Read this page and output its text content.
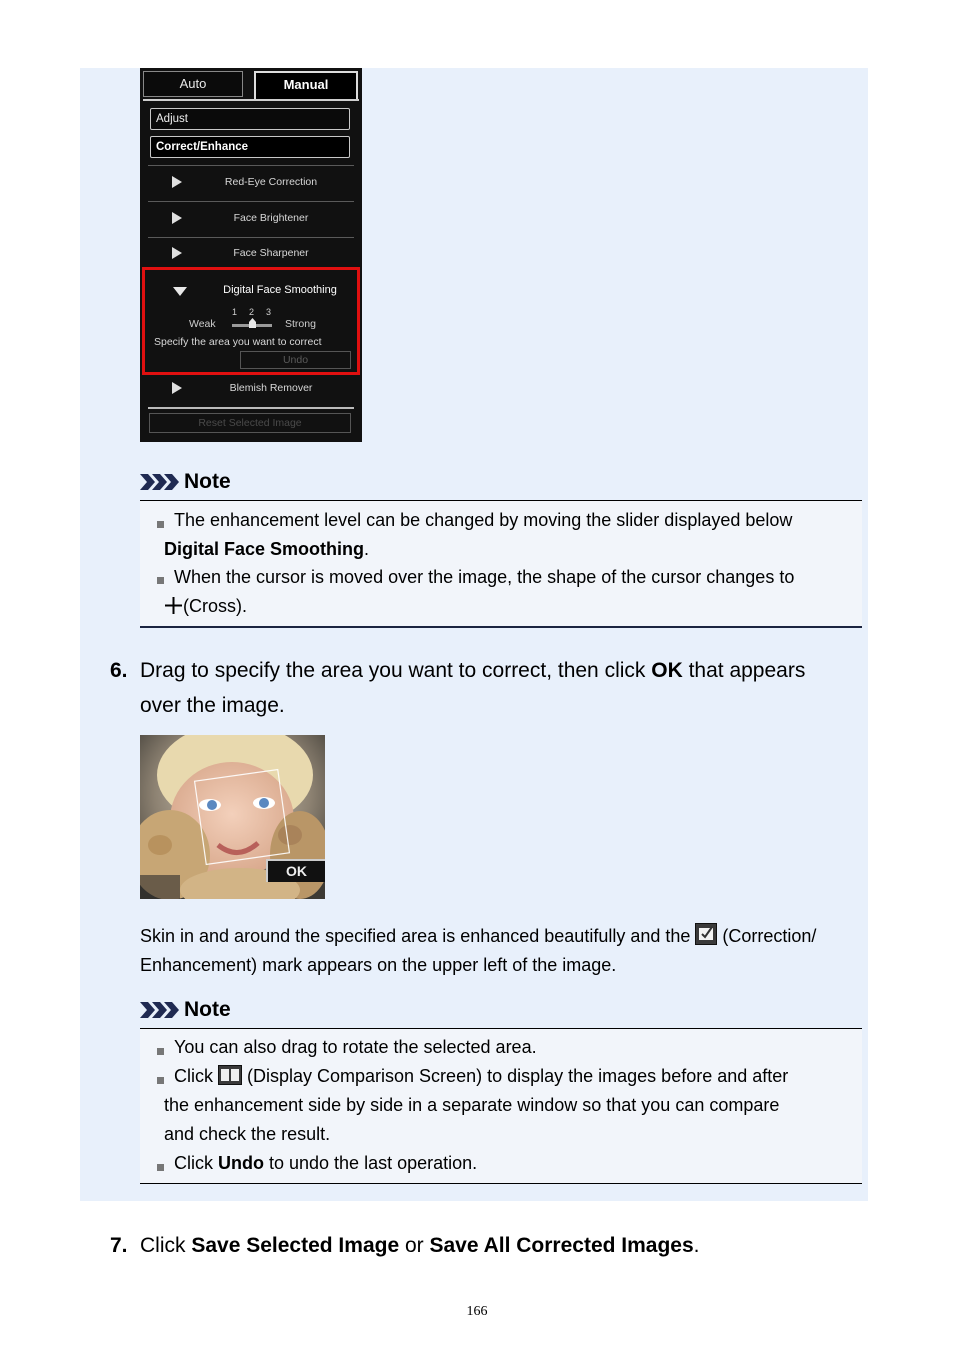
Auto	Manual
Adjust
Correct/Enhance
Red-Eye Correction
Face Brightener
Face Sharpener
Digital Face Smoothing
Weak
1 2 3
Strong
Specify the area you want to correct
Undo
Blemish Remover
Reset Selected Image
Note
The enhancement level can be changed by moving the slider displayed below
Digital Face Smoothing.
When the cursor is moved over the image, the shape of the cursor changes to
(Cross).
6. Drag to specify the area you want to correct, then click OK that appears
over the image.
OK
Skin in and around the specified area is enhanced beautifully and the  (Correction/
Enhancement) mark appears on the upper left of the image.
Note
You can also drag to rotate the selected area.
Click  (Display Comparison Screen) to display the images before and after
the enhancement side by side in a separate window so that you can compare
and check the result.
Click Undo to undo the last operation.
7. Click Save Selected Image or Save All Corrected Images.
166
